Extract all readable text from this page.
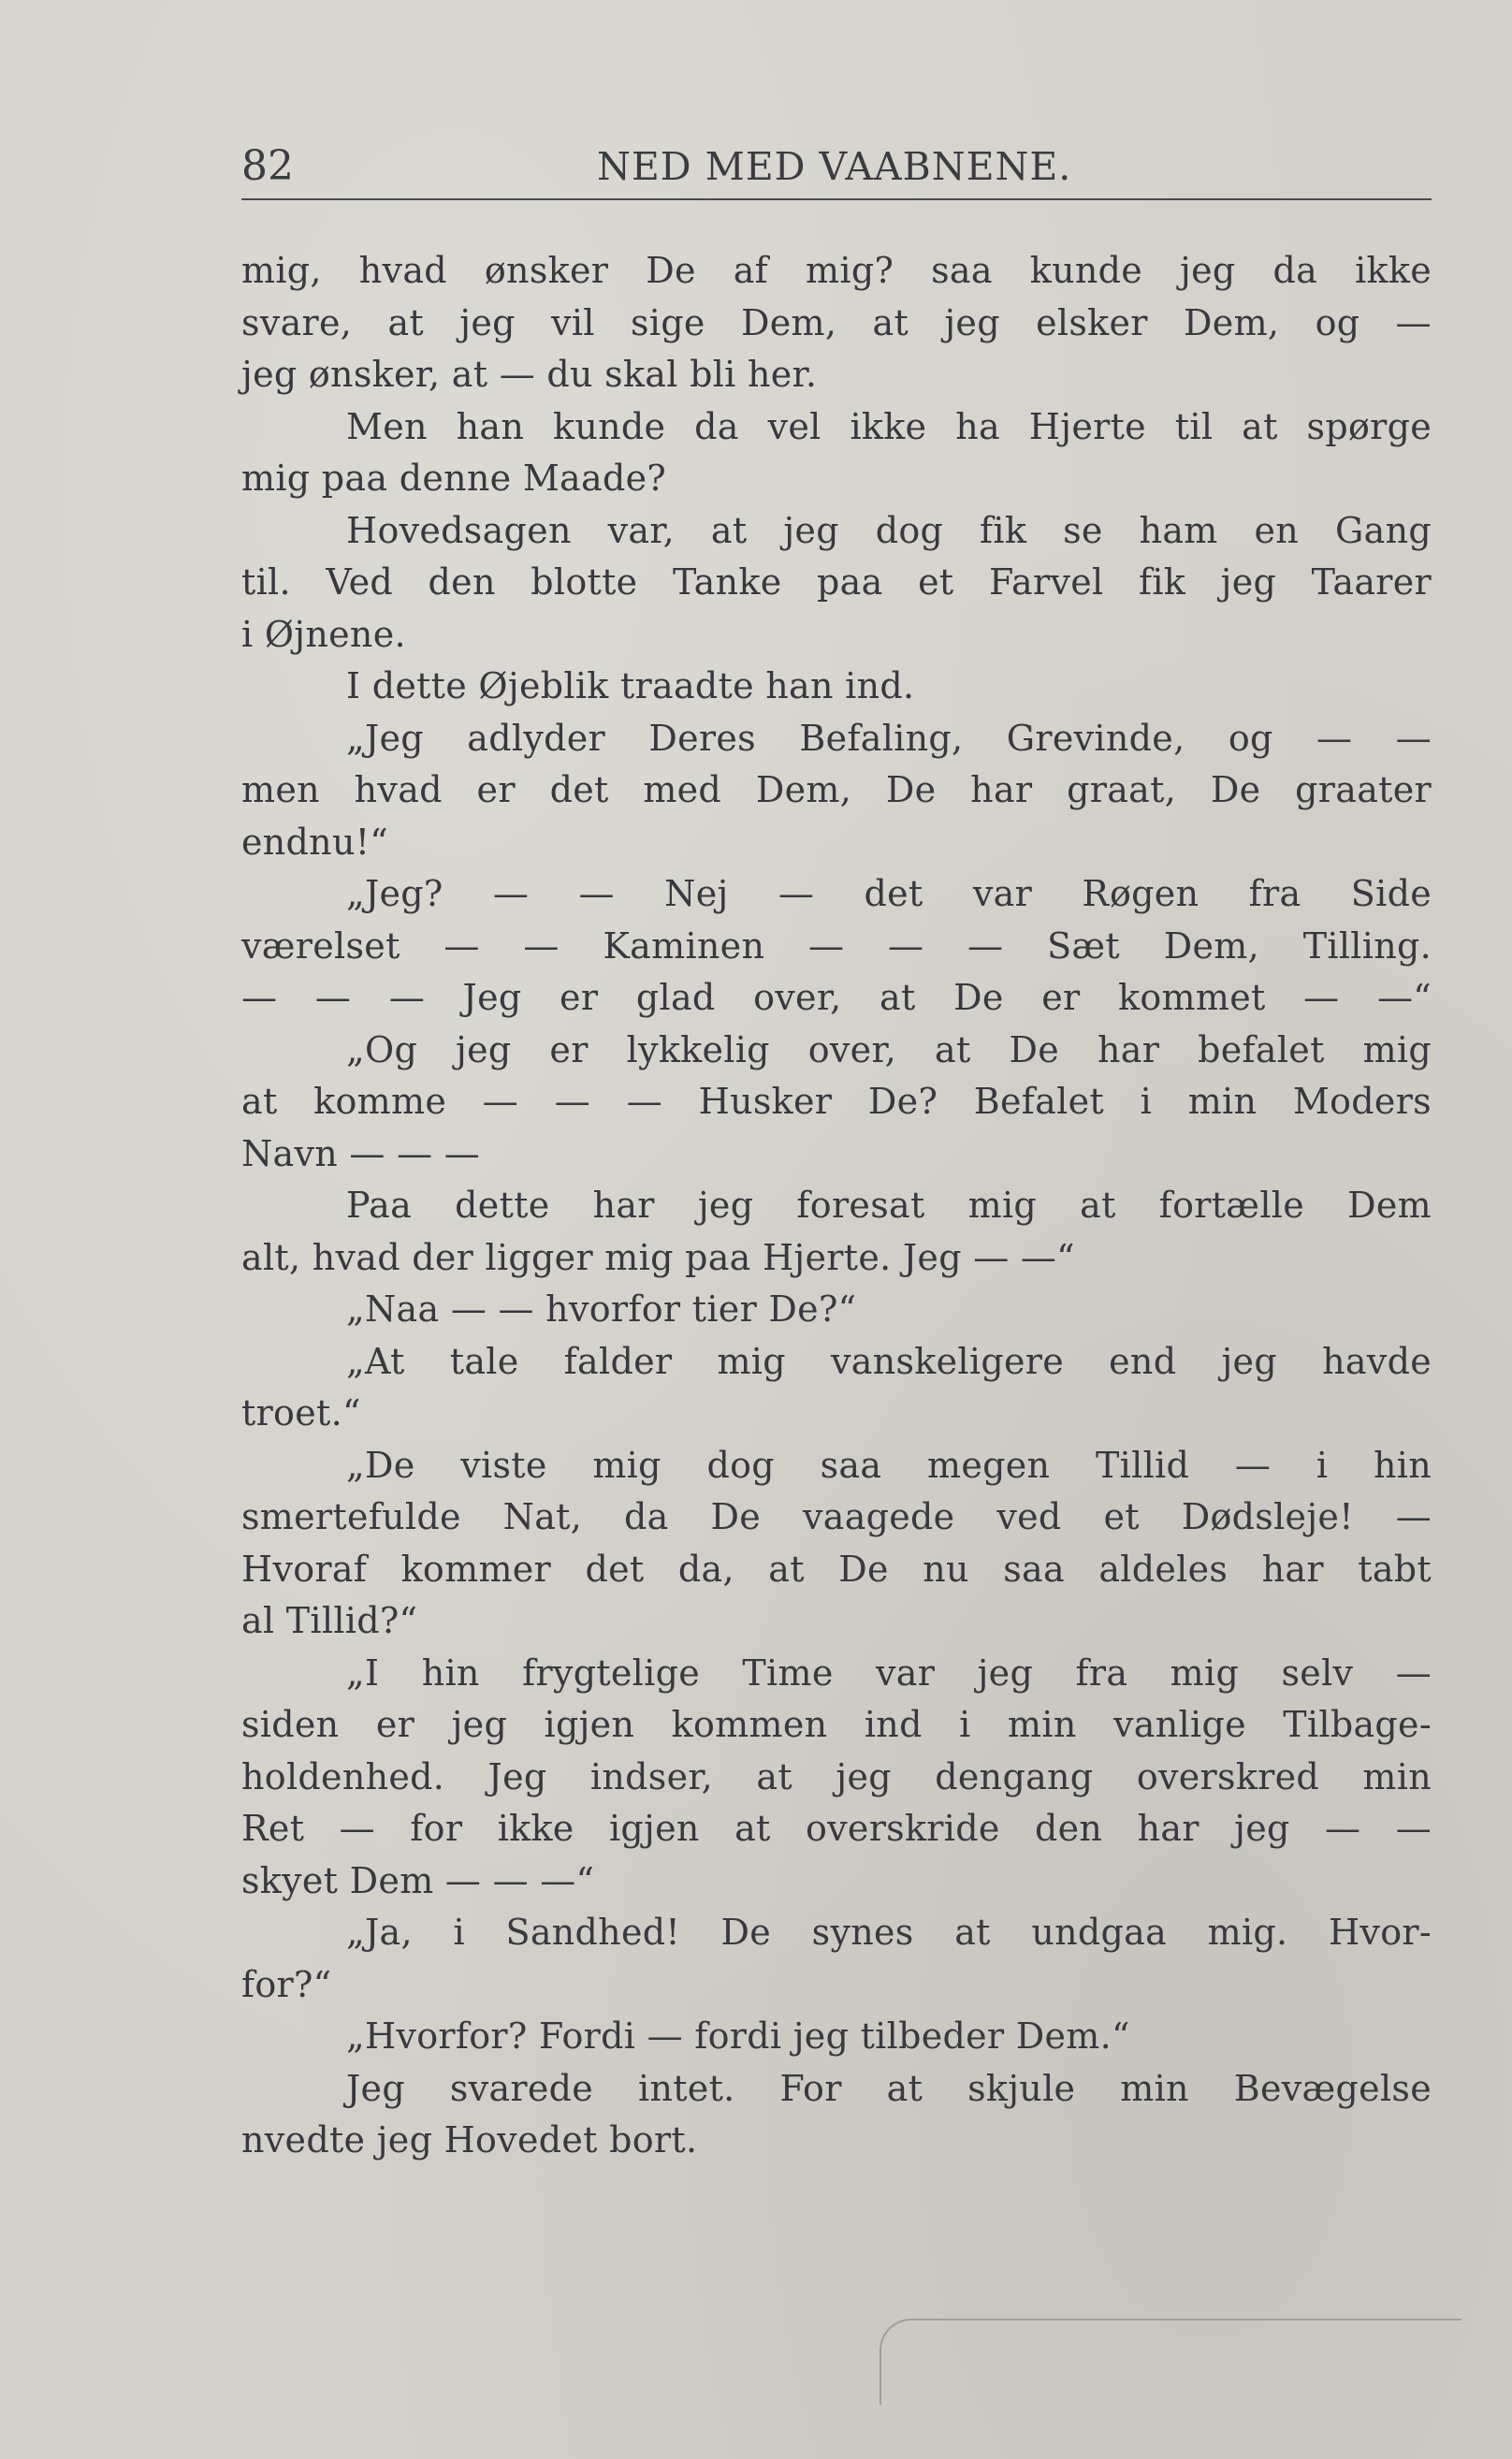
82	NED MED VAABNENE.
mig, hvad ønsker De af mig? saa kunde jeg da ikke
svare, at jeg vil sige Dem, at jeg elsker Dem, og —
jeg ønsker, at — du skal bli her.
Men han kunde da vel ikke ha Hjerte til at spørge
mig paa denne Maade?
Hovedsagen var, at jeg dog fik se ham en Gang
til. Ved den blotte Tanke paa et Farvel fik jeg Taarer
i Øjnene.
I dette Øjeblik traadte han ind.
„Jeg adlyder Deres Befaling, Grevinde, og — —
men hvad er det med Dem, De har graat, De graater
endnu!“
„Jeg? — — Nej — det var Røgen fra Side
værelset — — Kaminen — — — Sæt Dem, Tilling.
— — — Jeg er glad over, at De er kommet — —“
„Og jeg er lykkelig over, at De har befalet mig
at komme — — — Husker De? Befalet i min Moders
Navn — — —
Paa dette har jeg foresat mig at fortælle Dem
alt, hvad der ligger mig paa Hjerte. Jeg — —“
„Naa — — hvorfor tier De?“
„At tale falder mig vanskeligere end jeg havde
troet.“
„De viste mig dog saa megen Tillid — i hin
smertefulde Nat, da De vaagede ved et Dødsleje! —
Hvoraf kommer det da, at De nu saa aldeles har tabt
al Tillid?“
„I hin frygtelige Time var jeg fra mig selv —
siden er jeg igjen kommen ind i min vanlige Tilbage-
holdenhed. Jeg indser, at jeg dengang overskred min
Ret — for ikke igjen at overskride den har jeg — —
skyet Dem — — —“
„Ja, i Sandhed! De synes at undgaa mig. Hvor-
for?“
„Hvorfor? Fordi — fordi jeg tilbeder Dem.“
Jeg svarede intet. For at skjule min Bevægelse
nvedte jeg Hovedet bort.
